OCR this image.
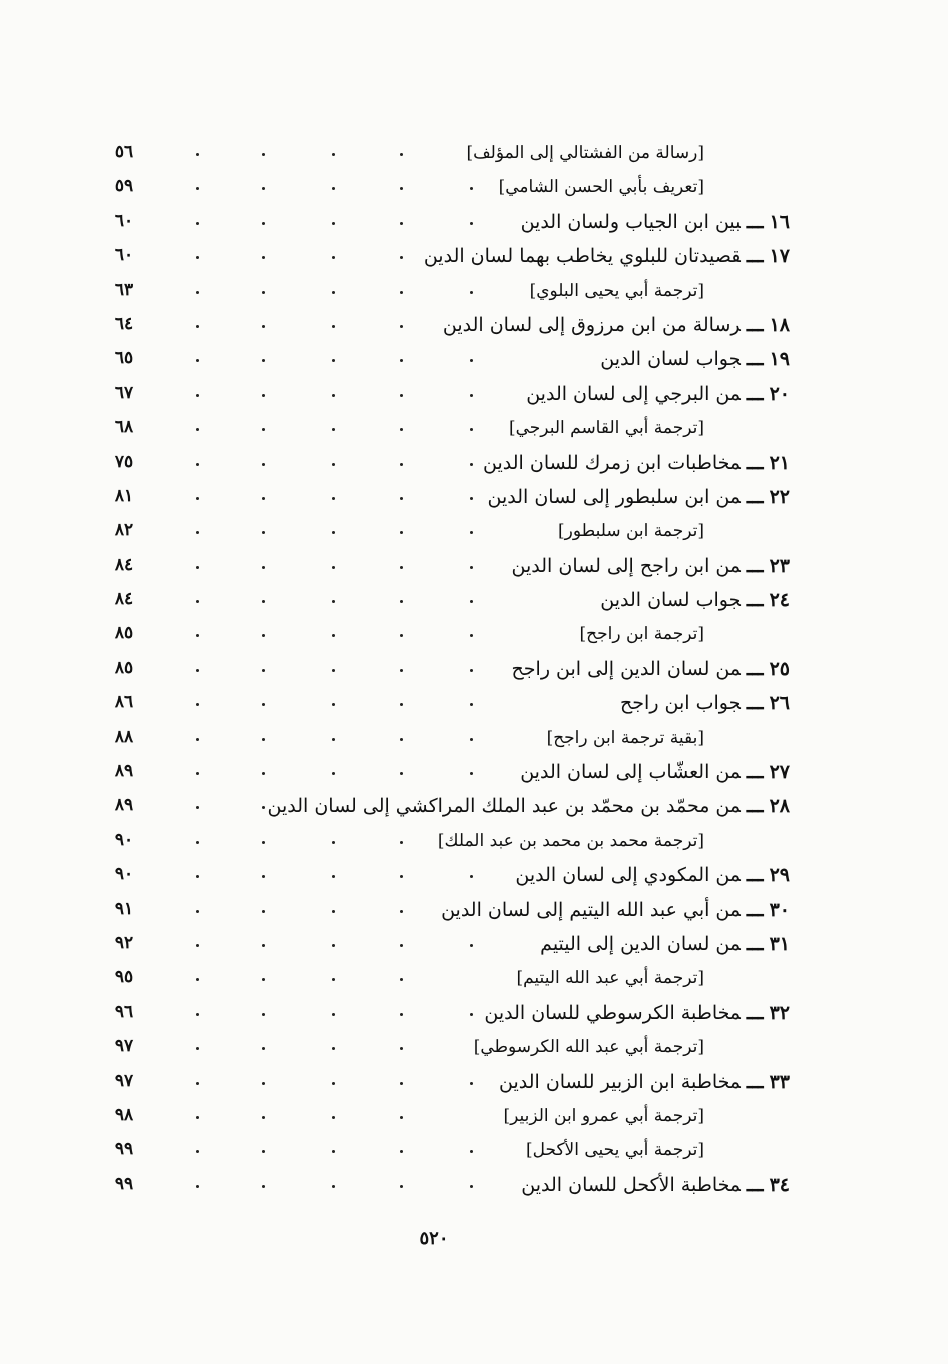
[رسالة من الفشتالي إلى المؤلف]
٥٦
[تعريف بأبي الحسن الشامي]
٥٩
١٦ـــبين ابن الجياب ولسان الدين
٦٠
١٧ـــقصيدتان للبلوي يخاطب بهما لسان الدين
٦٠
[ترجمة أبي يحيى البلوي]
٦٣
١٨ـــرسالة من ابن مرزوق إلى لسان الدين
٦٤
١٩ـــجواب لسان الدين
٦٥
٢٠ـــمن البرجي إلى لسان الدين
٦٧
[ترجمة أبي القاسم البرجي]
٦٨
٢١ـــمخاطبات ابن زمرك للسان الدين
٧٥
٢٢ـــمن ابن سلبطور إلى لسان الدين
٨١
[ترجمة ابن سلبطور]
٨٢
٢٣ـــمن ابن راجح إلى لسان الدين
٨٤
٢٤ـــجواب لسان الدين
٨٤
[ترجمة ابن راجح]
٨٥
٢٥ـــمن لسان الدين إلى ابن راجح
٨٥
٢٦ـــجواب ابن راجح
٨٦
[بقية ترجمة ابن راجح]
٨٨
٢٧ـــمن العشّاب إلى لسان الدين
٨٩
٢٨ـــمن محمّد بن محمّد بن عبد الملك المراكشي إلى لسان الدين
٨٩
[ترجمة محمد بن محمد بن عبد الملك]
٩٠
٢٩ـــمن المكودي إلى لسان الدين
٩٠
٣٠ـــمن أبي عبد الله اليتيم إلى لسان الدين
٩١
٣١ـــمن لسان الدين إلى اليتيم
٩٢
[ترجمة أبي عبد الله اليتيم]
٩٥
٣٢ـــمخاطبة الكرسوطي للسان الدين
٩٦
[ترجمة أبي عبد الله الكرسوطي]
٩٧
٣٣ـــمخاطبة ابن الزبير للسان الدين
٩٧
[ترجمة أبي عمرو ابن الزبير]
٩٨
[ترجمة أبي يحيى الأكحل]
٩٩
٣٤ـــمخاطبة الأكحل للسان الدين
٩٩
٥٢٠
